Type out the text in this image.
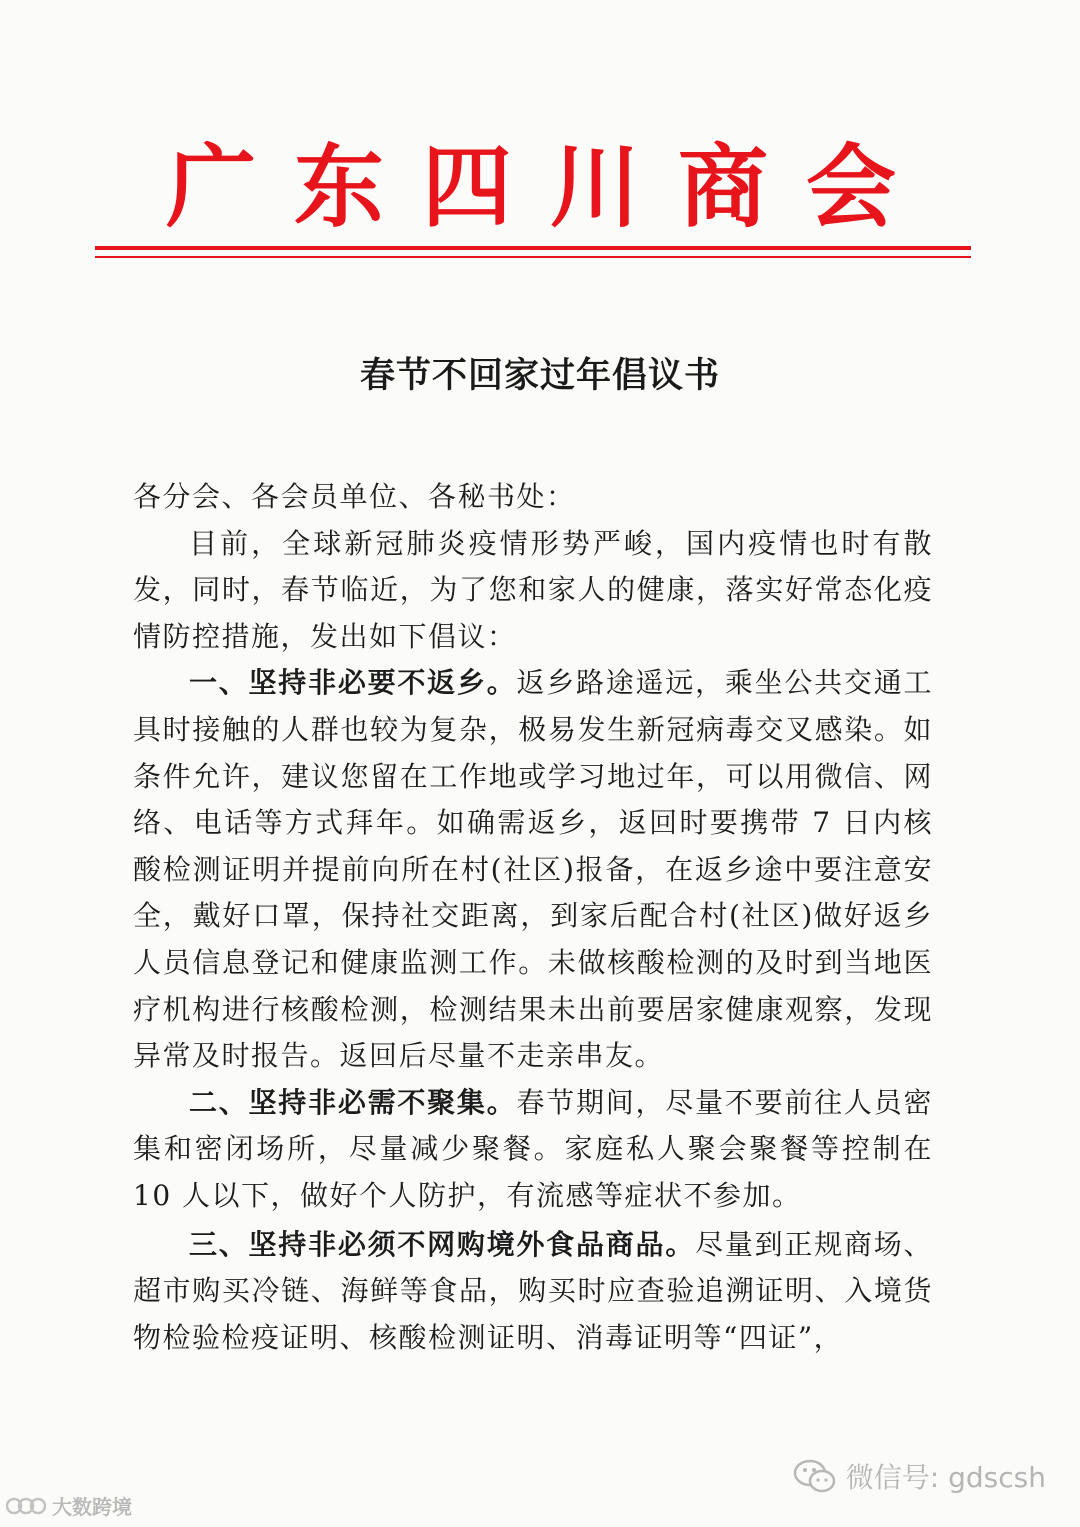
广东四川商会
春节不回家过年倡议书

各分会、各会员单位、各秘书处：

目前，全球新冠肺炎疫情形势严峻，国内疫情也时有散发，同时，春节临近，为了您和家人的健康，落实好常态化疫情防控措施，发出如下倡议：

一、坚持非必要不返乡。返乡路途遥远，乘坐公共交通工具时接触的人群也较为复杂，极易发生新冠病毒交叉感染。如条件允许，建议您留在工作地或学习地过年，可以用微信、网络、电话等方式拜年。如确需返乡，返回时要携带 7 日内核酸检测证明并提前向所在村(社区)报备，在返乡途中要注意安全，戴好口罩，保持社交距离，到家后配合村(社区)做好返乡人员信息登记和健康监测工作。未做核酸检测的及时到当地医疗机构进行核酸检测，检测结果未出前要居家健康观察，发现异常及时报告。返回后尽量不走亲串友。

二、坚持非必需不聚集。春节期间，尽量不要前往人员密集和密闭场所，尽量减少聚餐。家庭私人聚会聚餐等控制在 10 人以下，做好个人防护，有流感等症状不参加。

三、坚持非必须不网购境外食品商品。尽量到正规商场、超市购买冷链、海鲜等食品，购买时应查验追溯证明、入境货物检验检疫证明、核酸检测证明、消毒证明等“四证”，

大数跨境
微信号: gdscsh
